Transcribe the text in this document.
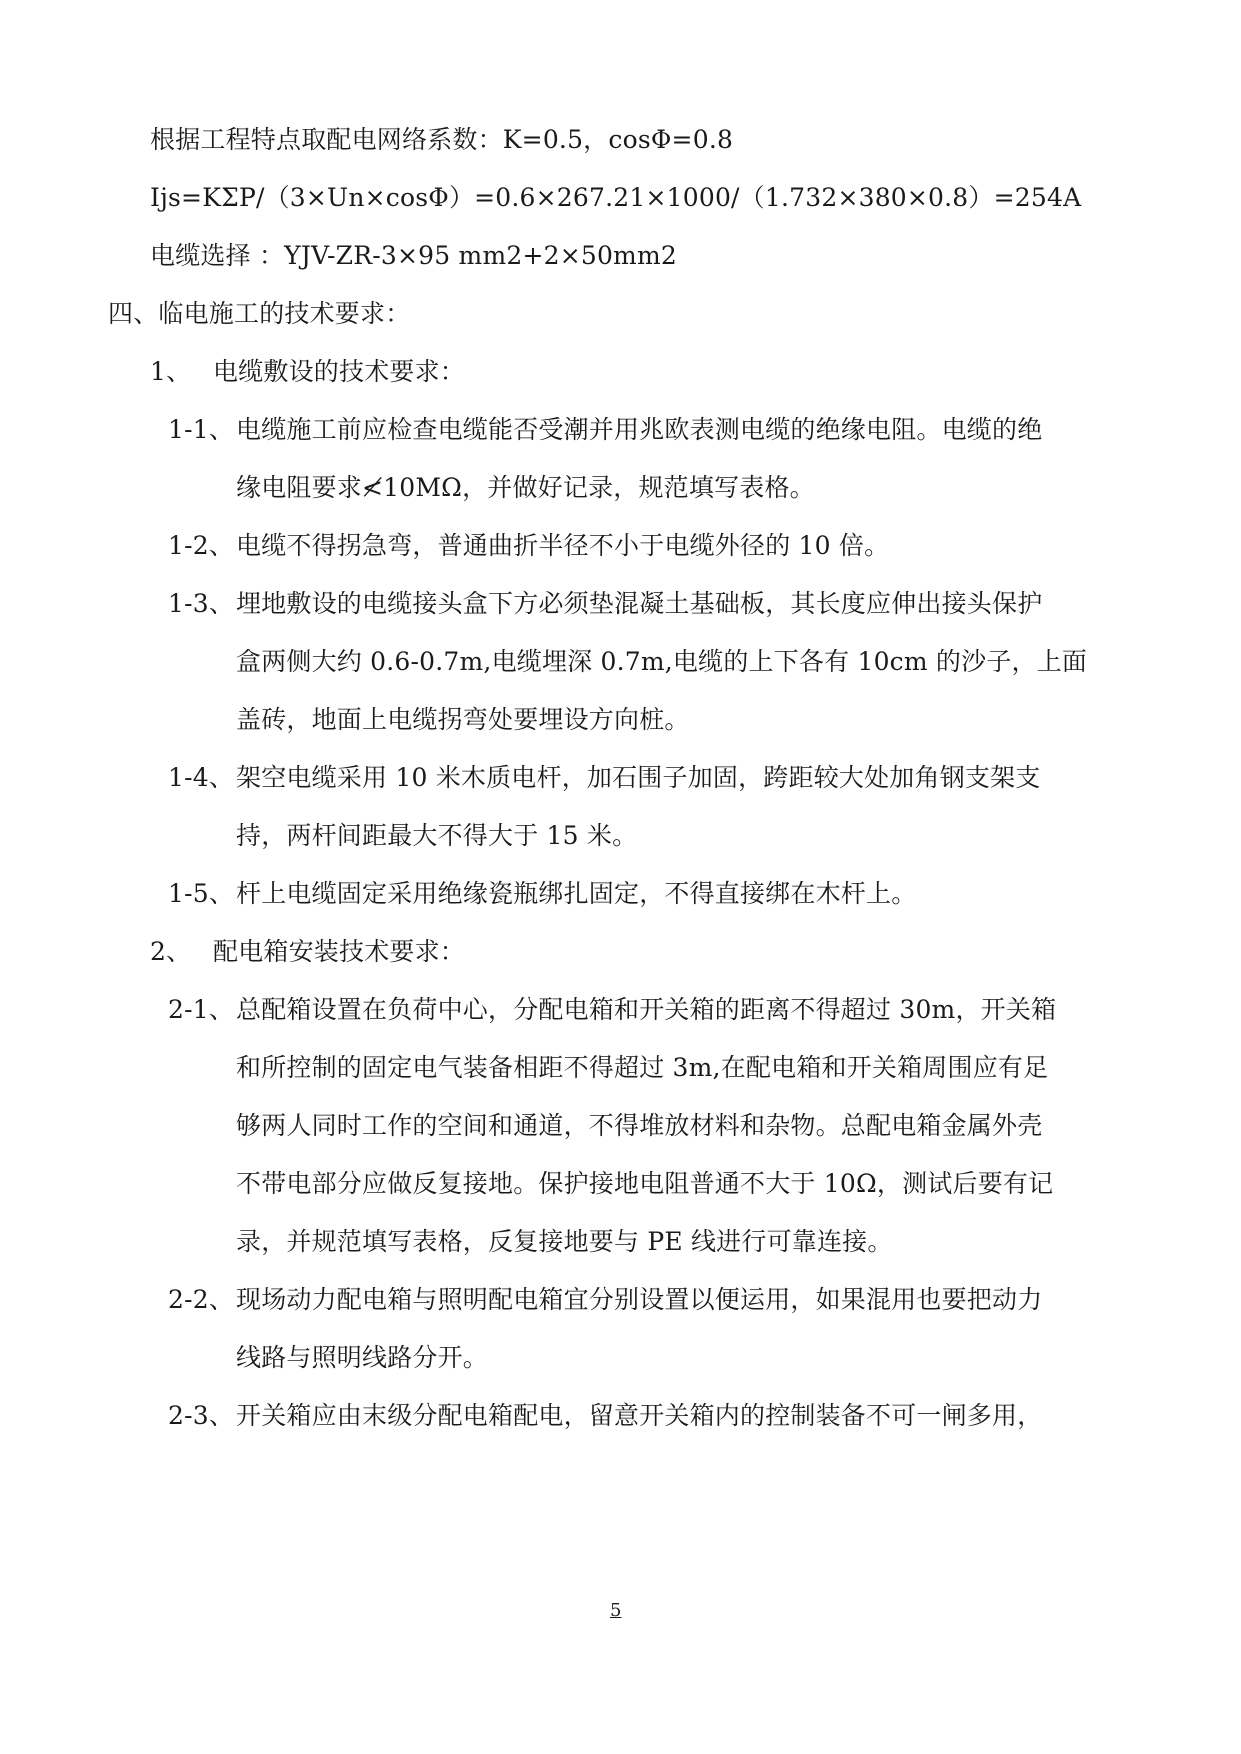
根据工程特点取配电网络系数：K=0.5，cosΦ=0.8
Ijs=KΣP/（3×Un×cosΦ）=0.6×267.21×1000/（1.732×380×0.8）=254A
电缆选择 ：YJV-ZR-3×95 mm2+2×50mm2
四、临电施工的技术要求：
1、 电缆敷设的技术要求：
1-1、 电缆施工前应检查电缆能否受潮并用兆欧表测电缆的绝缘电阻。电缆的绝
缘电阻要求≮10MΩ，并做好记录，规范填写表格。
1-2、 电缆不得拐急弯，普通曲折半径不小于电缆外径的 10 倍。
1-3、 埋地敷设的电缆接头盒下方必须垫混凝土基础板，其长度应伸出接头保护
盒两侧大约 0.6-0.7m,电缆埋深 0.7m,电缆的上下各有 10cm 的沙子，上面
盖砖，地面上电缆拐弯处要埋设方向桩。
1-4、 架空电缆采用 10 米木质电杆，加石围子加固，跨距较大处加角钢支架支
持，两杆间距最大不得大于 15 米。
1-5、 杆上电缆固定采用绝缘瓷瓶绑扎固定，不得直接绑在木杆上。
2、 配电箱安装技术要求：
2-1、 总配箱设置在负荷中心，分配电箱和开关箱的距离不得超过 30m，开关箱
和所控制的固定电气装备相距不得超过 3m,在配电箱和开关箱周围应有足
够两人同时工作的空间和通道，不得堆放材料和杂物。总配电箱金属外壳
不带电部分应做反复接地。保护接地电阻普通不大于 10Ω，测试后要有记
录，并规范填写表格，反复接地要与 PE 线进行可靠连接。
2-2、 现场动力配电箱与照明配电箱宜分别设置以便运用，如果混用也要把动力
线路与照明线路分开。
2-3、 开关箱应由末级分配电箱配电，留意开关箱内的控制装备不可一闸多用，
5
